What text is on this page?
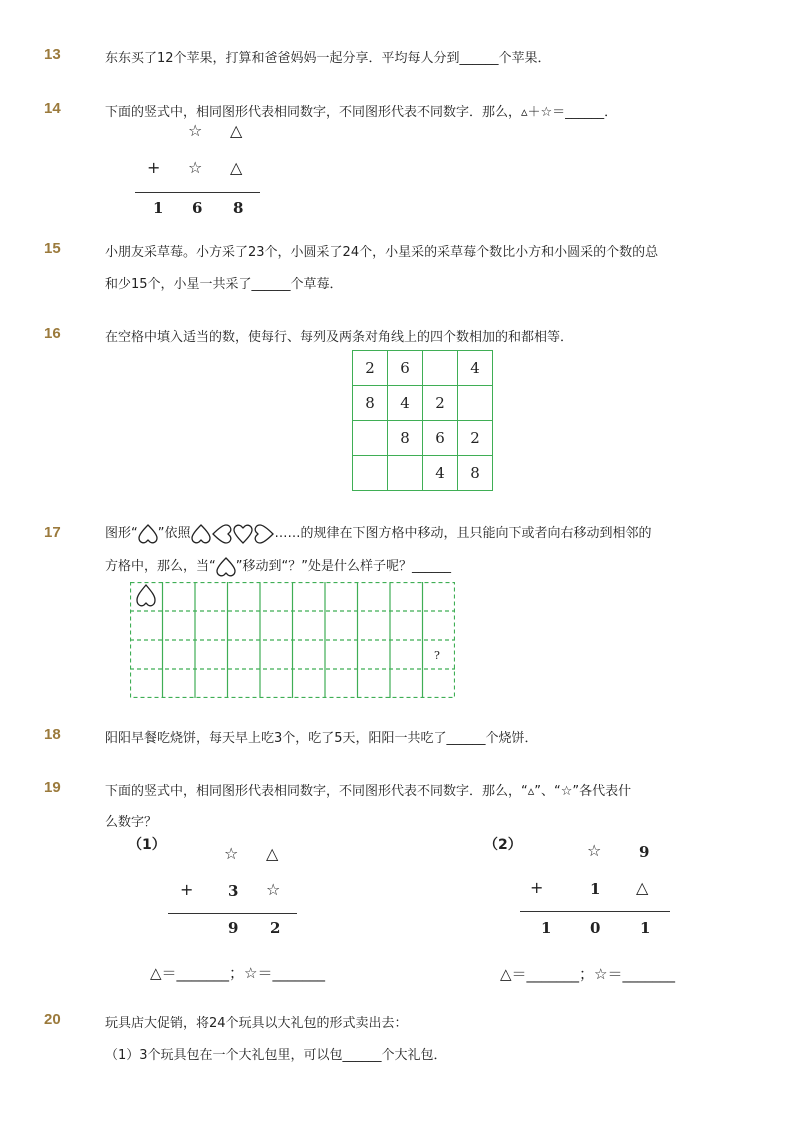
13	东东买了12个苹果，打算和爸爸妈妈一起分享．平均每人分到______个苹果．
14	下面的竖式中，相同图形代表相同数字，不同图形代表不同数字．那么，▵＋☆＝______．
☆ △
+ ☆ △
1 6 8
15	小朋友采草莓。小方采了23个，小圆采了24个，小星采的采草莓个数比小方和小圆采的个数的总
和少15个，小星一共采了______个草莓．
16	在空格中填入适当的数，使每行、每列及两条对角线上的四个数相加的和都相等．
2	6		4
8	4	2	
	8	6	2
		4	8
17	图形“ ”依照	……的规律在下图方格中移动，且只能向下或者向右移动到相邻的
方格中，那么，当“ ”移动到“？”处是什么样子呢？______
?
18	阳阳早餐吃烧饼，每天早上吃3个，吃了5天，阳阳一共吃了______个烧饼．
19	下面的竖式中，相同图形代表相同数字，不同图形代表不同数字．那么，“▵”、“☆”各代表什
么数字？
（1）	☆ △
+ 3 ☆
9 2
△＝_______；☆＝_______
（2）	☆	9
+	1 △
1	0	1
△＝_______；☆＝_______
20	玩具店大促销，将24个玩具以大礼包的形式卖出去：
（1）3个玩具包在一个大礼包里，可以包______个大礼包．
